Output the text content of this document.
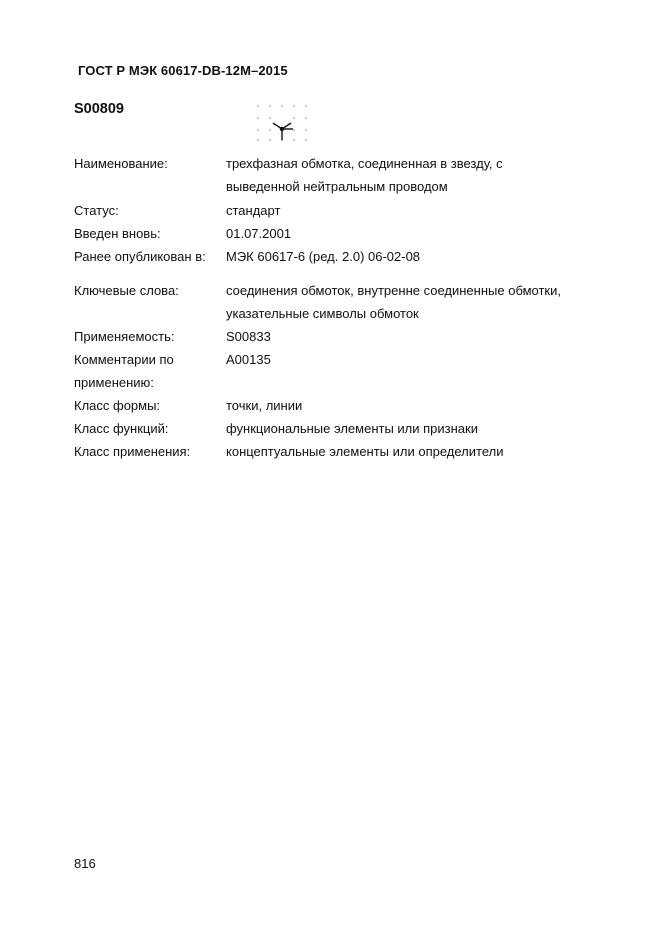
ГОСТ Р МЭК 60617-DB-12M–2015
S00809
Наименование:	трехфазная обмотка, соединенная в звезду, с
выведенной нейтральным проводом
Статус:	стандарт
Введен вновь:	01.07.2001
Ранее опубликован в: МЭК 60617-6 (ред. 2.0) 06-02-08
Ключевые слова:	соединения обмоток, внутренне соединенные обмотки,
указательные символы обмоток
Применяемость:	S00833
Комментарии по
применению:
A00135
Класс формы:	точки, линии
Класс функций:	функциональные элементы или признаки
Класс применения:	концептуальные элементы или определители
816
